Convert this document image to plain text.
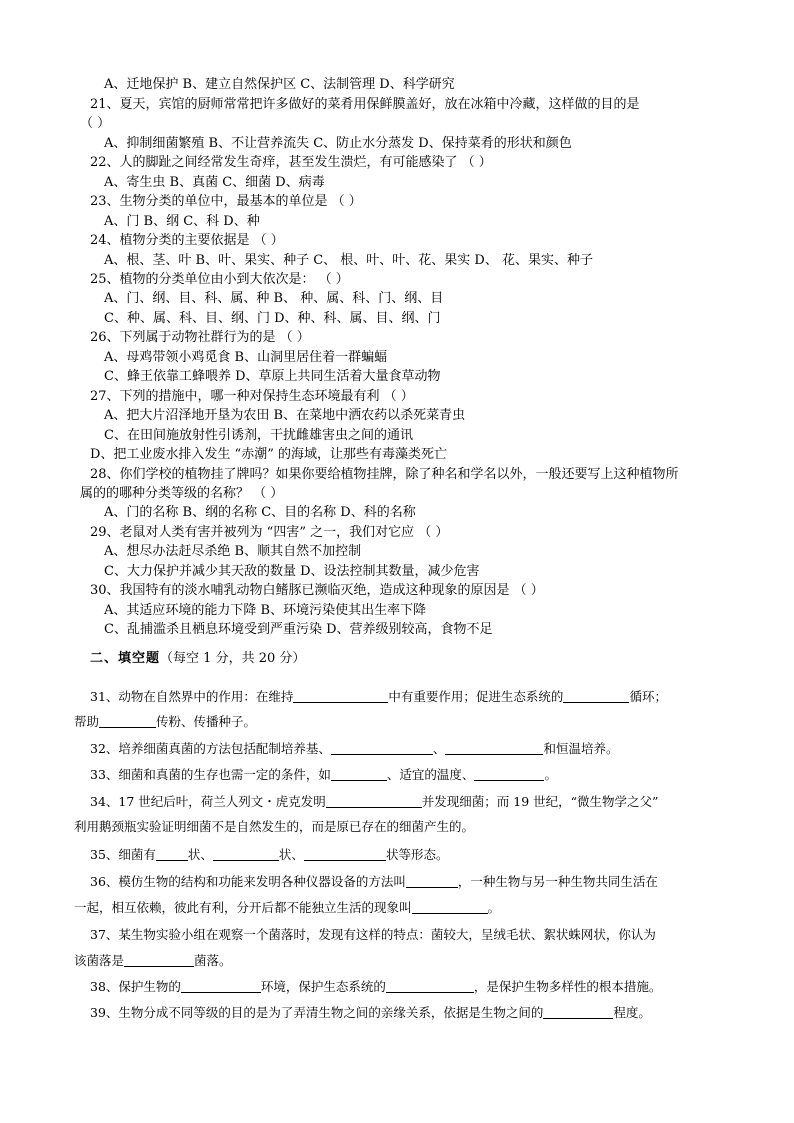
A、迁地保护 B、建立自然保护区 C、法制管理 D、科学研究
21、夏天，宾馆的厨师常常把许多做好的菜肴用保鲜膜盖好，放在冰箱中冷藏，这样做的目的是
（ ）
A、抑制细菌繁殖 B、不让营养流失 C、防止水分蒸发 D、保持菜肴的形状和颜色
22、人的脚趾之间经常发生奇痒，甚至发生溃烂，有可能感染了 （ ）
A、寄生虫 B、真菌 C、细菌 D、病毒
23、生物分类的单位中，最基本的单位是 （ ）
A、门 B、纲 C、科 D、种
24、植物分类的主要依据是 （ ）
A、根、茎、叶 B、叶、果实、种子 C、 根、叶、叶、花、果实 D、 花、果实、种子
25、植物的分类单位由小到大依次是： （ ）
A、门、纲、目、科、属、种 B、 种、属、科、门、纲、目
C、种、属、科、目、纲、门 D、种、科、属、目、纲、门
26、下列属于动物社群行为的是 （ ）
A、母鸡带领小鸡觅食 B、山洞里居住着一群蝙蝠
C、蜂王依靠工蜂喂养 D、草原上共同生活着大量食草动物
27、下列的措施中，哪一种对保持生态环境最有利 （ ）
A、把大片沼泽地开垦为农田 B、在菜地中洒农药以杀死菜青虫
C、在田间施放射性引诱剂，干扰雌雄害虫之间的通讯
D、把工业废水排入发生 “赤潮” 的海域，让那些有毒藻类死亡
28、你们学校的植物挂了牌吗？如果你要给植物挂牌，除了种名和学名以外，一般还要写上这种植物所
属的的哪种分类等级的名称？ （ ）
A、门的名称 B、纲的名称 C、目的名称 D、科的名称
29、老鼠对人类有害并被列为 “四害” 之一，我们对它应 （ ）
A、想尽办法赶尽杀绝 B、顺其自然不加控制
C、大力保护并减少其天敌的数量 D、设法控制其数量，减少危害
30、我国特有的淡水哺乳动物白鳍豚已濒临灭绝，造成这种现象的原因是 （ ）
A、其适应环境的能力下降 B、环境污染使其出生率下降
C、乱捕滥杀且栖息环境受到严重污染 D、营养级别较高，食物不足
二、填空题（每空 1 分，共 20 分）
31、动物在自然界中的作用：在维持	中有重要作用；促进生态系统的	循环；
帮助	传粉、传播种子。
32、培养细菌真菌的方法包括配制培养基、	、	和恒温培养。
33、细菌和真菌的生存也需一定的条件，如	、适宜的温度、	。
34、17 世纪后叶，荷兰人列文・虎克发明	并发现细菌；而 19 世纪，“微生物学之父”
利用鹅颈瓶实验证明细菌不是自然发生的，而是原已存在的细菌产生的。
35、细菌有	状、	状、	状等形态。
36、模仿生物的结构和功能来发明各种仪器设备的方法叫	，一种生物与另一种生物共同生活在
一起，相互依赖，彼此有利，分开后都不能独立生活的现象叫	。
37、某生物实验小组在观察一个菌落时，发现有这样的特点：菌较大，呈绒毛状、絮状蛛网状，你认为
该菌落是	菌落。
38、保护生物的	环境，保护生态系统的	，是保护生物多样性的根本措施。
39、生物分成不同等级的目的是为了弄清生物之间的亲缘关系，依据是生物之间的	程度。
